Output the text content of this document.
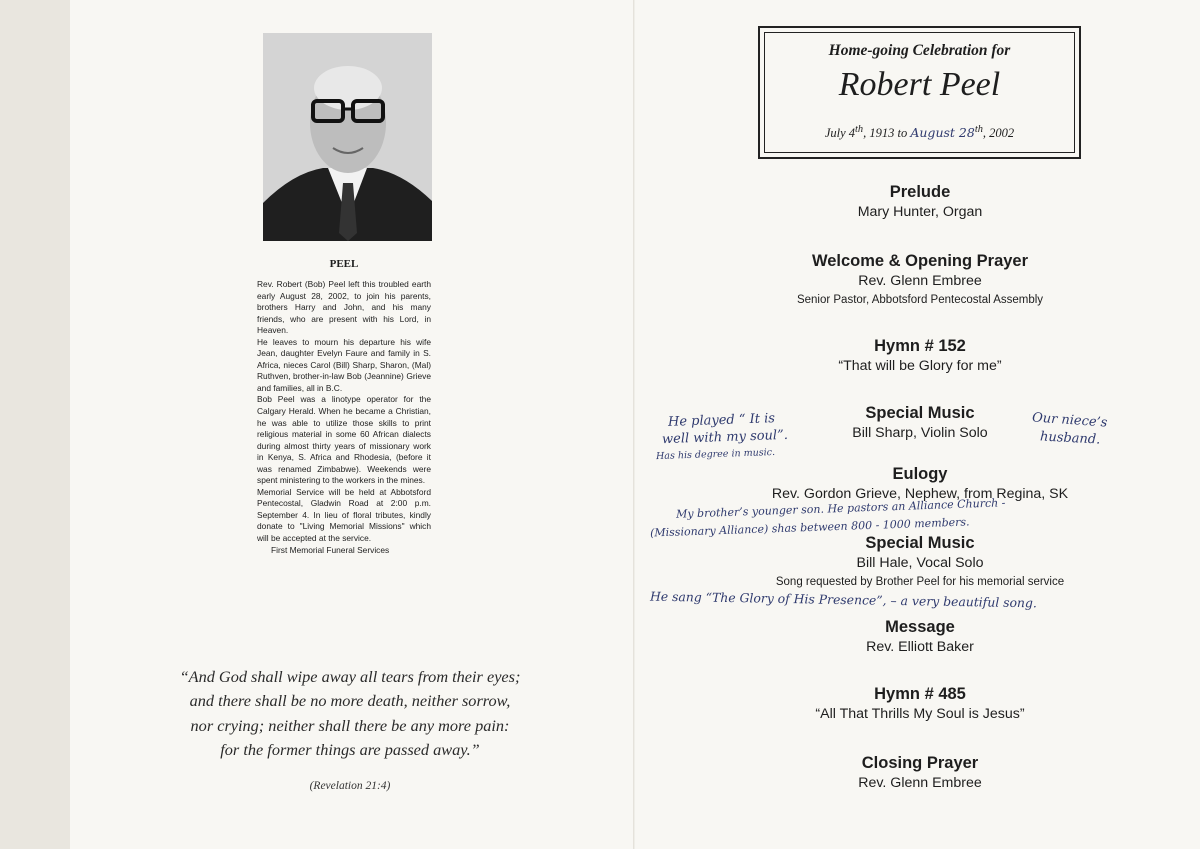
PEEL

Rev. Robert (Bob) Peel left this troubled earth early August 28, 2002, to join his parents, brothers Harry and John, and his many friends, who are present with his Lord, in Heaven.

He leaves to mourn his departure his wife Jean, daughter Evelyn Faure and family in S. Africa, nieces Carol (Bill) Sharp, Sharon, (Mal) Ruthven, brother-in-law Bob (Jeannine) Grieve and families, all in B.C.

Bob Peel was a linotype operator for the Calgary Herald. When he became a Christian, he was able to utilize those skills to print religious material in some 60 African dialects during almost thirty years of missionary work in Kenya, S. Africa and Rhodesia, (before it was renamed Zimbabwe). Weekends were spent ministering to the workers in the mines.

Memorial Service will be held at Abbotsford Pentecostal, Gladwin Road at 2:00 p.m. September 4. In lieu of floral tributes, kindly donate to "Living Memorial Missions" which will be accepted at the service.

First Memorial Funeral Services

“And God shall wipe away all tears from their eyes;
and there shall be no more death, neither sorrow,
nor crying; neither shall there be any more pain:
for the former things are passed away.”
(Revelation 21:4)
Home-going Celebration for
Robert Peel
July 4th, 1913 to August 28th, 2002
Prelude
Mary Hunter, Organ
Welcome & Opening Prayer
Rev. Glenn Embree
Senior Pastor, Abbotsford Pentecostal Assembly
Hymn # 152
“That will be Glory for me”
Special Music
Bill Sharp, Violin Solo
Eulogy
Rev. Gordon Grieve, Nephew, from Regina, SK
Special Music
Bill Hale, Vocal Solo
Song requested by Brother Peel for his memorial service
Message
Rev. Elliott Baker
Hymn # 485
“All That Thrills My Soul is Jesus”
Closing Prayer
Rev. Glenn Embree
He played “ It is
well with my soul”.
Has his degree in music.
Our niece’s
husband.
My brother’s younger son. He pastors an Alliance Church -
(Missionary Alliance) shas between 800 - 1000 members.
He sang “The Glory of His Presence”, – a very beautiful song.
